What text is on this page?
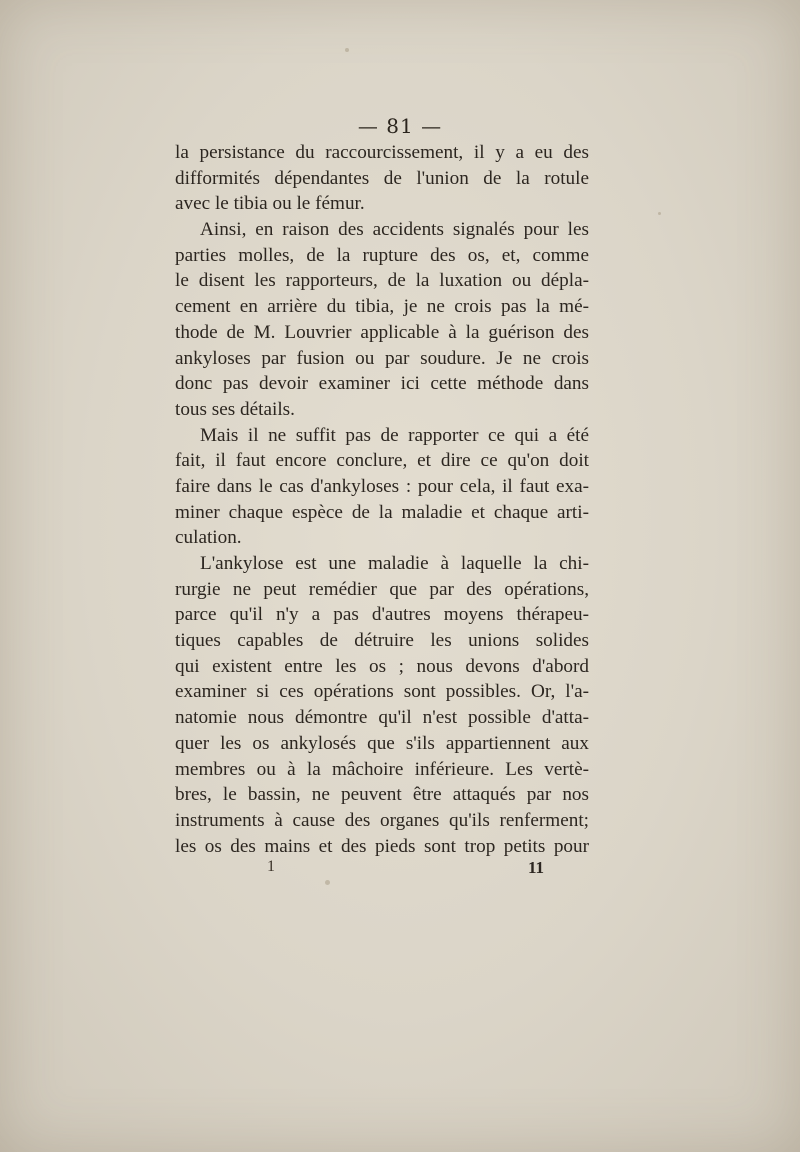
— 81 —
la persistance du raccourcissement, il y a eu des
difformités dépendantes de l'union de la rotule
avec le tibia ou le fémur.
Ainsi, en raison des accidents signalés pour les
parties molles, de la rupture des os, et, comme
le disent les rapporteurs, de la luxation ou dépla-
cement en arrière du tibia, je ne crois pas la mé-
thode de M. Louvrier applicable à la guérison des
ankyloses par fusion ou par soudure. Je ne crois
donc pas devoir examiner ici cette méthode dans
tous ses détails.
Mais il ne suffit pas de rapporter ce qui a été
fait, il faut encore conclure, et dire ce qu'on doit
faire dans le cas d'ankyloses : pour cela, il faut exa-
miner chaque espèce de la maladie et chaque arti-
culation.
L'ankylose est une maladie à laquelle la chi-
rurgie ne peut remédier que par des opérations,
parce qu'il n'y a pas d'autres moyens thérapeu-
tiques capables de détruire les unions solides
qui existent entre les os ; nous devons d'abord
examiner si ces opérations sont possibles. Or, l'a-
natomie nous démontre qu'il n'est possible d'atta-
quer les os ankylosés que s'ils appartiennent aux
membres ou à la mâchoire inférieure. Les vertè-
bres, le bassin, ne peuvent être attaqués par nos
instruments à cause des organes qu'ils renferment;
les os des mains et des pieds sont trop petits pour
1	11
